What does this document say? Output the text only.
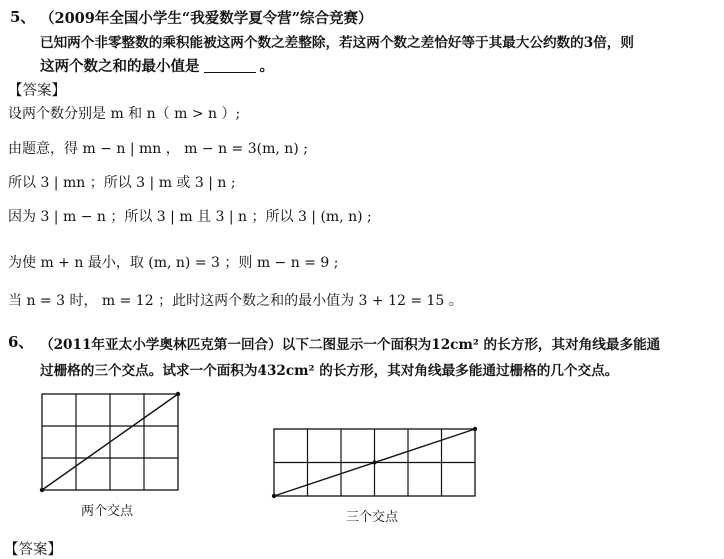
5、 （2009年全国小学生“我爱数学夏令营”综合竞赛）
已知两个非零整数的乘积能被这两个数之差整除，若这两个数之差恰好等于其最大公约数的3倍，则
这两个数之和的最小值是	。
【答案】
设两个数分别是 m 和 n（ m > n ）;
由题意，得 m − n | mn ， m − n = 3(m, n) ;
所以 3 | mn ；所以 3 | m 或 3 | n ;
因为 3 | m − n ；所以 3 | m 且 3 | n ；所以 3 | (m, n) ;
为使 m + n 最小，取 (m, n) = 3 ；则 m − n = 9 ;
当 n = 3 时， m = 12 ；此时这两个数之和的最小值为 3 + 12 = 15 。
6、 （2011年亚太小学奥林匹克第一回合）以下二图显示一个面积为12cm² 的长方形，其对角线最多能通
过栅格的三个交点。试求一个面积为432cm² 的长方形，其对角线最多能通过栅格的几个交点。
两个交点	三个交点
【答案】
